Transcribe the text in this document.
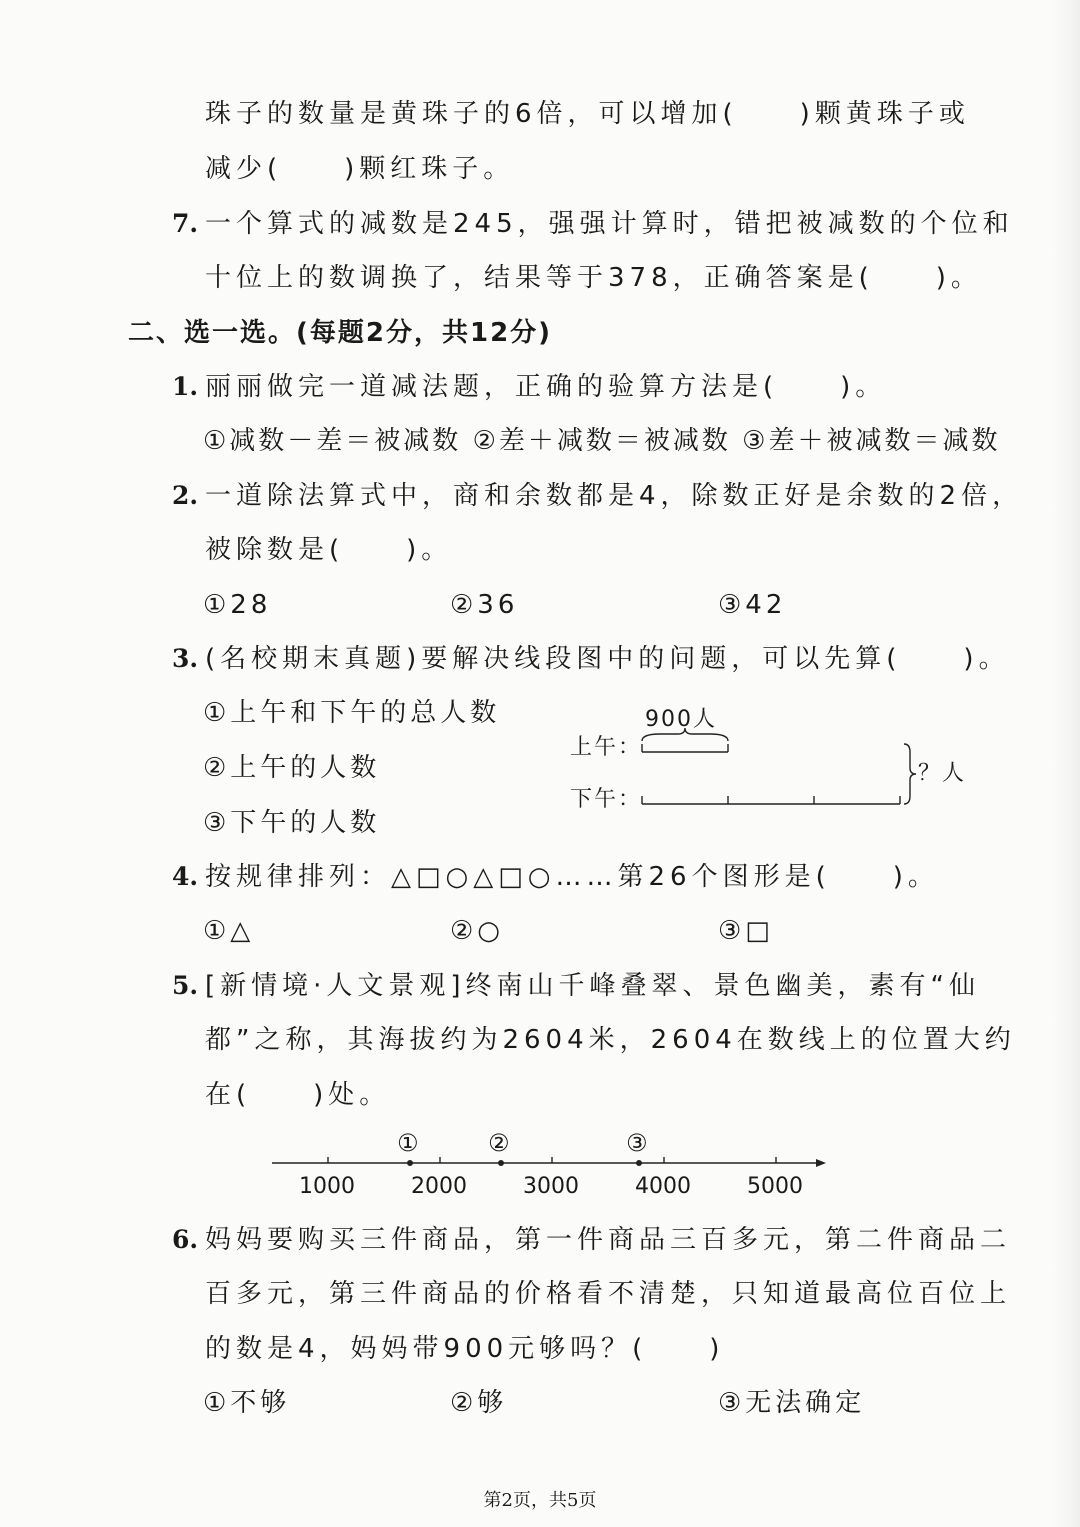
珠子的数量是黄珠子的6倍，可以增加(　　)颗黄珠子或
减少(　　)颗红珠子。
7. 一个算式的减数是245，强强计算时，错把被减数的个位和
十位上的数调换了，结果等于378，正确答案是(　　)。
二、选一选。(每题2分，共12分)
1. 丽丽做完一道减法题，正确的验算方法是(　　)。
①减数－差＝被减数 ②差＋减数＝被减数 ③差＋被减数＝减数
2. 一道除法算式中，商和余数都是4，除数正好是余数的2倍，
被除数是(　　)。
①28	②36	③42
3. (名校期末真题)要解决线段图中的问题，可以先算(　　)。
①上午和下午的总人数
②上午的人数
③下午的人数
900人
上午：
下午：
？人
4. 按规律排列：△□○△□○……第26个图形是(　　)。
①△	②○	③□
5. [新情境·人文景观]终南山千峰叠翠、景色幽美，素有“仙
都”之称，其海拔约为2604米，2604在数线上的位置大约
在(　　)处。
①	②	③
1000	2000	3000	4000	5000
6. 妈妈要购买三件商品，第一件商品三百多元，第二件商品二
百多元，第三件商品的价格看不清楚，只知道最高位百位上
的数是4，妈妈带900元够吗？(　　)
①不够	②够	③无法确定
第2页，共5页
